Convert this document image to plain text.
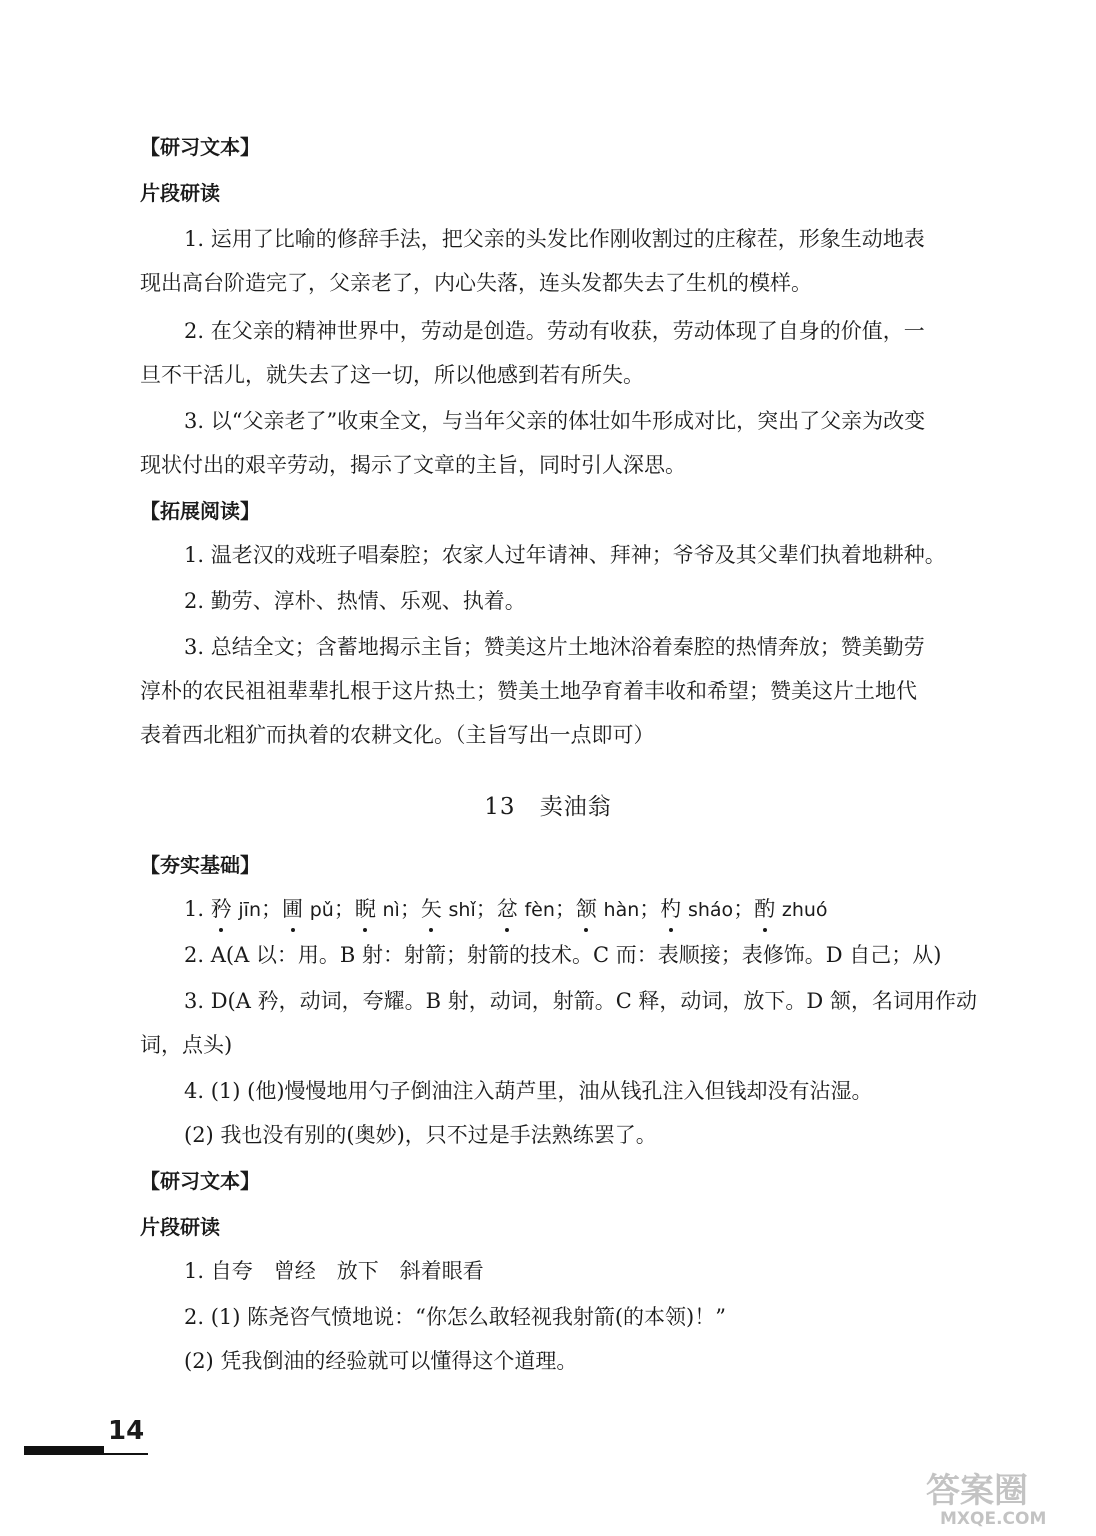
【研习文本】
片段研读
1. 运用了比喻的修辞手法，把父亲的头发比作刚收割过的庄稼茬，形象生动地表
现出高台阶造完了，父亲老了，内心失落，连头发都失去了生机的模样。
2. 在父亲的精神世界中，劳动是创造。劳动有收获，劳动体现了自身的价值，一
旦不干活儿，就失去了这一切，所以他感到若有所失。
3. 以“父亲老了”收束全文，与当年父亲的体壮如牛形成对比，突出了父亲为改变
现状付出的艰辛劳动，揭示了文章的主旨，同时引人深思。
【拓展阅读】
1. 温老汉的戏班子唱秦腔；农家人过年请神、拜神；爷爷及其父辈们执着地耕种。
2. 勤劳、淳朴、热情、乐观、执着。
3. 总结全文；含蓄地揭示主旨；赞美这片土地沐浴着秦腔的热情奔放；赞美勤劳
淳朴的农民祖祖辈辈扎根于这片热土；赞美土地孕育着丰收和希望；赞美这片土地代
表着西北粗犷而执着的农耕文化。（主旨写出一点即可）
13 卖油翁
【夯实基础】
1. 矜 jīn；圃 pǔ；睨 nì；矢 shǐ；忿 fèn；颔 hàn；杓 sháo；酌 zhuó
2. A(A 以：用。B 射：射箭；射箭的技术。C 而：表顺接；表修饰。D 自己；从)
3. D(A 矜，动词，夸耀。B 射，动词，射箭。C 释，动词，放下。D 颔，名词用作动
词，点头)
4. (1) (他)慢慢地用勺子倒油注入葫芦里，油从钱孔注入但钱却没有沾湿。
(2) 我也没有别的(奥妙)，只不过是手法熟练罢了。
【研习文本】
片段研读
1. 自夸　曾经　放下　斜着眼看
2. (1) 陈尧咨气愤地说：“你怎么敢轻视我射箭(的本领)！”
(2) 凭我倒油的经验就可以懂得这个道理。
14
答案圈
MXQE.COM
